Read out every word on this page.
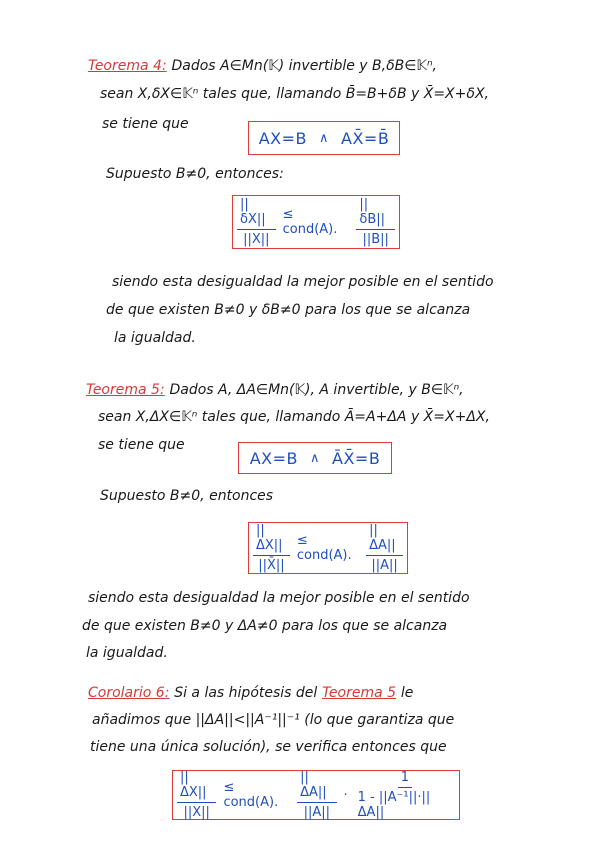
Teorema 4: Dados A∈Mn(𝕂) invertible y B,δB∈𝕂ⁿ,
sean X,δX∈𝕂ⁿ tales que, llamando B̄=B+δB y X̄=X+δX,
se tiene que
AX=B ∧ AX̄=B̄
Supuesto B≠0, entonces:
$\frac{||\delta X||}{||X||}$ ≤ cond(A).	$\frac{||\delta B||}{||B||}$
siendo esta desigualdad la mejor posible en el sentido
de que existen B≠0 y δB≠0 para los que se alcanza
la igualdad.
Teorema 5: Dados A, ΔA∈Mn(𝕂), A invertible, y B∈𝕂ⁿ,
sean X,ΔX∈𝕂ⁿ tales que, llamando Ā=A+ΔA y X̄=X+ΔX,
se tiene que
AX=B ∧ ĀX̄=B
Supuesto B≠0, entonces
$\frac{||\Delta X||}{||X̄||}$ ≤ cond(A).	$\frac{||\Delta A||}{||A||}$
siendo esta desigualdad la mejor posible en el sentido
de que existen B≠0 y ΔA≠0 para los que se alcanza
la igualdad.
Corolario 6: Si a las hipótesis del Teorema 5 le
añadimos que ||ΔA||<||A⁻¹||⁻¹ (lo que garantiza que
tiene una única solución), se verifica entonces que
$\frac{||\Delta X||}{||X||}$ ≤ cond(A).	$\frac{||\Delta A||}{||A||} \cdot \frac{1}{\text{1 - ||A⁻¹||·||ΔA||}}$
